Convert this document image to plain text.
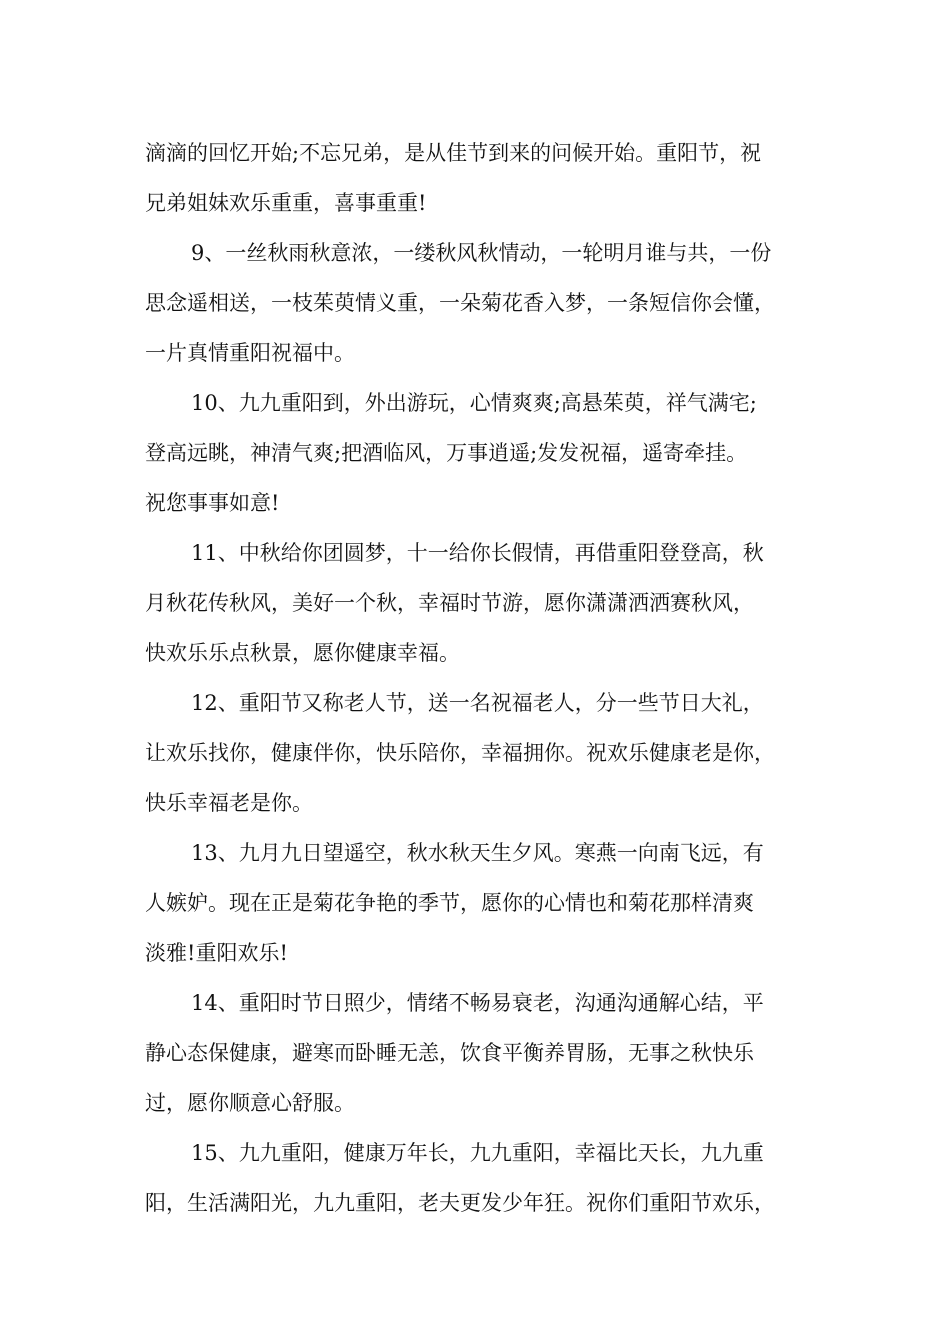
滴滴的回忆开始;不忘兄弟，是从佳节到来的问候开始。重阳节，祝
兄弟姐妹欢乐重重，喜事重重!

9、一丝秋雨秋意浓，一缕秋风秋情动，一轮明月谁与共，一份
思念遥相送，一枝茱萸情义重，一朵菊花香入梦，一条短信你会懂，
一片真情重阳祝福中。

10、九九重阳到，外出游玩，心情爽爽;高悬茱萸，祥气满宅;
登高远眺，神清气爽;把酒临风，万事逍遥;发发祝福，遥寄牵挂。
祝您事事如意!

11、中秋给你团圆梦，十一给你长假情，再借重阳登登高，秋
月秋花传秋风，美好一个秋，幸福时节游，愿你潇潇洒洒赛秋风，
快欢乐乐点秋景，愿你健康幸福。

12、重阳节又称老人节，送一名祝福老人，分一些节日大礼，
让欢乐找你，健康伴你，快乐陪你，幸福拥你。祝欢乐健康老是你，
快乐幸福老是你。

13、九月九日望遥空，秋水秋天生夕风。寒燕一向南飞远，有
人嫉妒。现在正是菊花争艳的季节，愿你的心情也和菊花那样清爽
淡雅!重阳欢乐!

14、重阳时节日照少，情绪不畅易衰老，沟通沟通解心结，平
静心态保健康，避寒而卧睡无恙，饮食平衡养胃肠，无事之秋快乐
过，愿你顺意心舒服。

15、九九重阳，健康万年长，九九重阳，幸福比天长，九九重
阳，生活满阳光，九九重阳，老夫更发少年狂。祝你们重阳节欢乐，
